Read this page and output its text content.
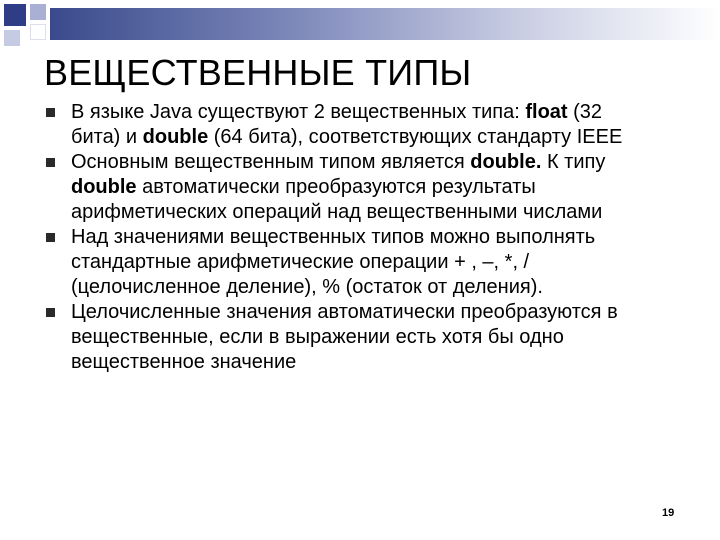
ВЕЩЕСТВЕННЫЕ ТИПЫ
В языке Java существуют 2 вещественных типа: float (32 бита) и double (64 бита), соответствующих стандарту IEEE
Основным вещественным типом является double. К типу double автоматически преобразуются результаты арифметических операций над вещественными числами
Над значениями вещественных типов можно выполнять стандартные арифметические операции + , –, *, / (целочисленное деление), % (остаток от деления).
Целочисленные значения автоматически преобразуются в вещественные, если в выражении есть хотя бы одно вещественное значение
19
